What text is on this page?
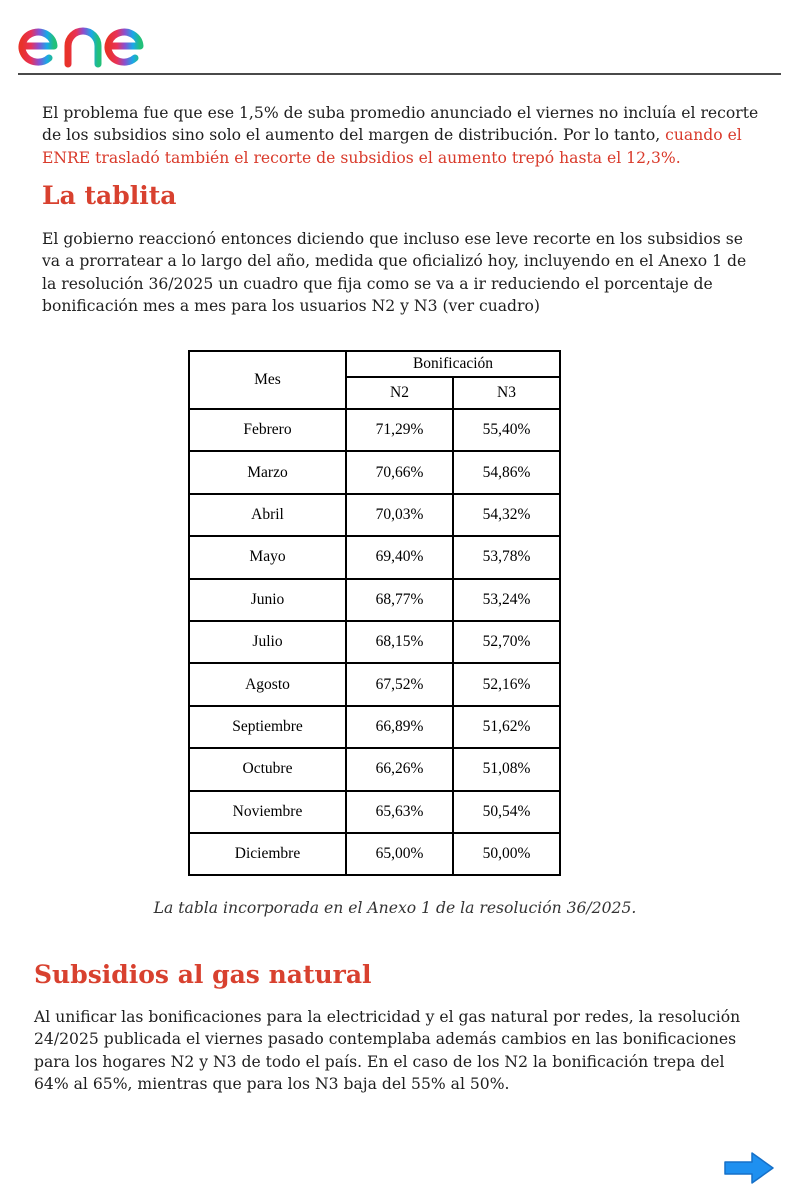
enel

El problema fue que ese 1,5% de suba promedio anunciado el viernes no incluía el recorte de los subsidios sino solo el aumento del margen de distribución. Por lo tanto, cuando el ENRE trasladó también el recorte de subsidios el aumento trepó hasta el 12,3%.

La tablita

El gobierno reaccionó entonces diciendo que incluso ese leve recorte en los subsidios se va a prorratear a lo largo del año, medida que oficializó hoy, incluyendo en el Anexo 1 de la resolución 36/2025 un cuadro que fija como se va a ir reduciendo el porcentaje de bonificación mes a mes para los usuarios N2 y N3 (ver cuadro)

Mes	Bonificación	
	N2	N3
Febrero	71,29%	55,40%
Marzo	70,66%	54,86%
Abril	70,03%	54,32%
Mayo	69,40%	53,78%
Junio	68,77%	53,24%
Julio	68,15%	52,70%
Agosto	67,52%	52,16%
Septiembre	66,89%	51,62%
Octubre	66,26%	51,08%
Noviembre	65,63%	50,54%
Diciembre	65,00%	50,00%

La tabla incorporada en el Anexo 1 de la resolución 36/2025.

Subsidios al gas natural

Al unificar las bonificaciones para la electricidad y el gas natural por redes, la resolución 24/2025 publicada el viernes pasado contemplaba además cambios en las bonificaciones para los hogares N2 y N3 de todo el país. En el caso de los N2 la bonificación trepa del 64% al 65%, mientras que para los N3 baja del 55% al 50%.
